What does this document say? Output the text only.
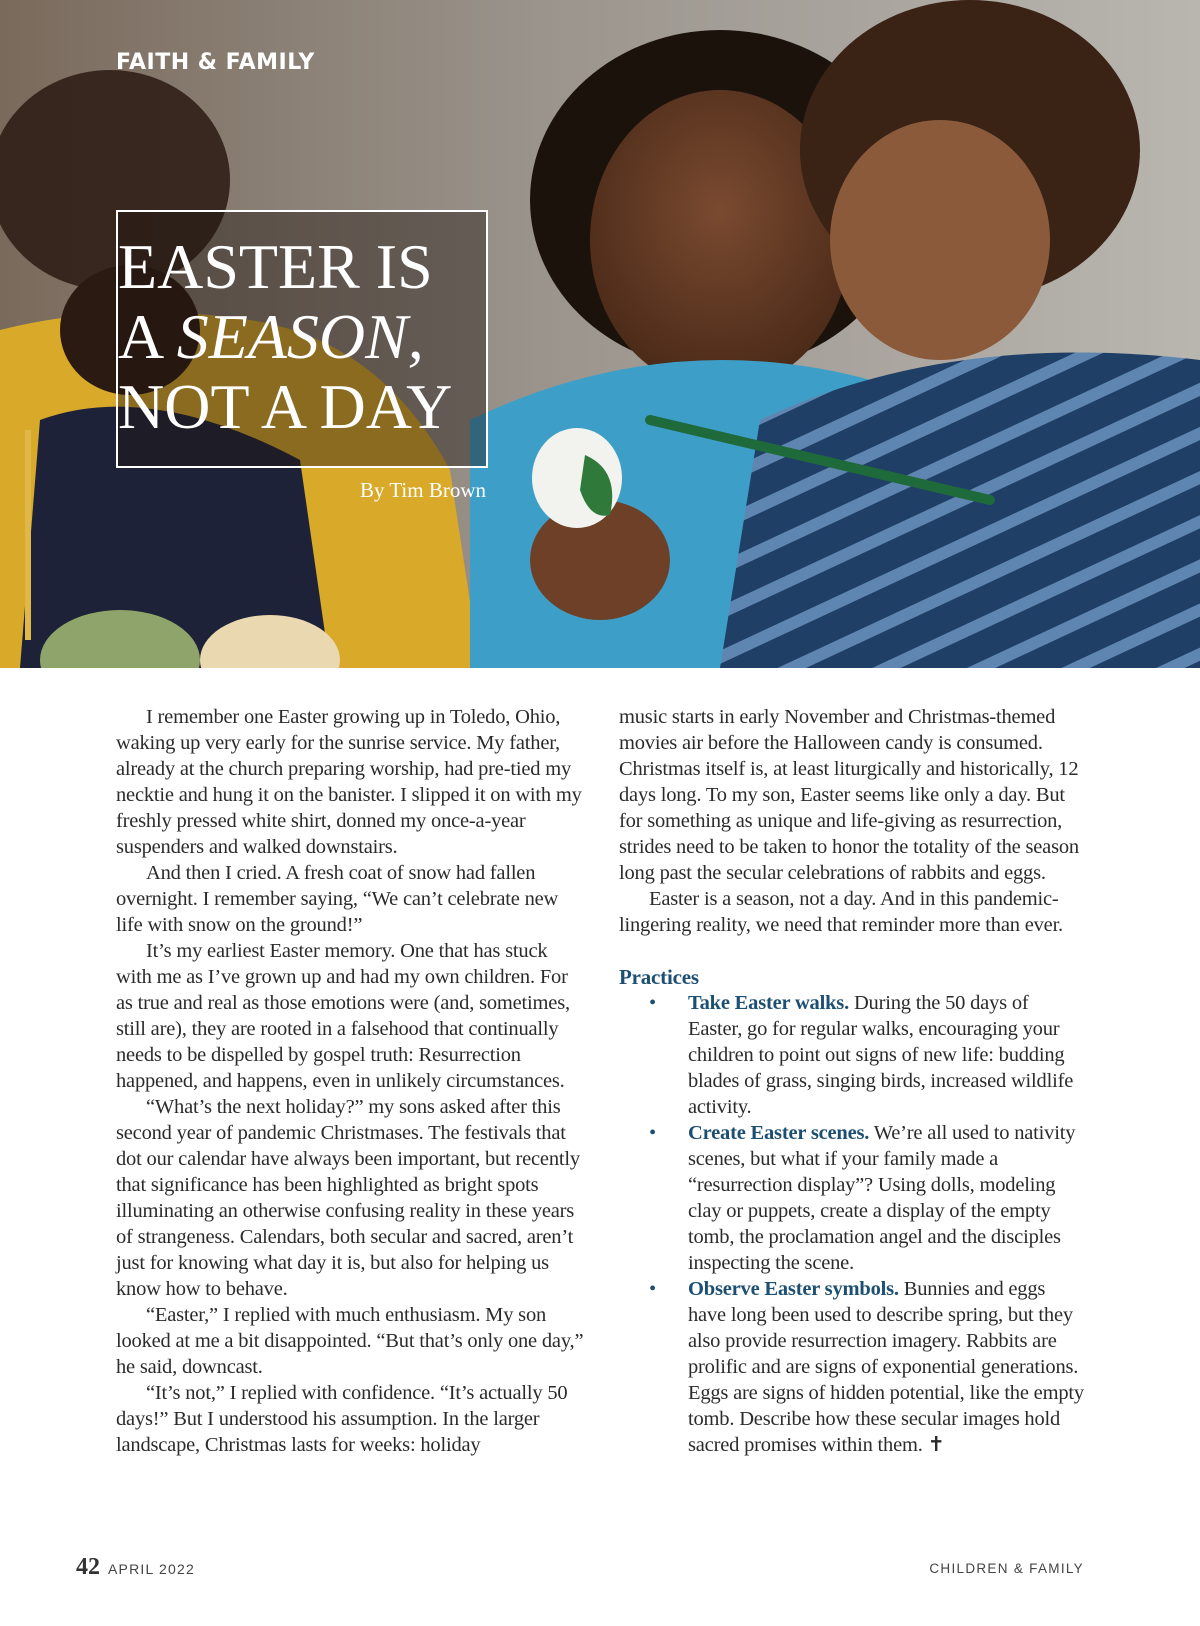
FAITH & FAMILY
EASTER IS
A SEASON,
NOT A DAY

By Tim Brown

I remember one Easter growing up in Toledo, Ohio, waking up very early for the sunrise service. My father, already at the church preparing worship, had pre-tied my necktie and hung it on the banister. I slipped it on with my freshly pressed white shirt, donned my once-a-year suspenders and walked downstairs.

And then I cried. A fresh coat of snow had fallen overnight. I remember saying, “We can’t celebrate new life with snow on the ground!”

It’s my earliest Easter memory. One that has stuck with me as I’ve grown up and had my own children. For as true and real as those emotions were (and, sometimes, still are), they are rooted in a falsehood that continually needs to be dispelled by gospel truth: Resurrection happened, and happens, even in unlikely circumstances.

“What’s the next holiday?” my sons asked after this second year of pandemic Christmases. The festivals that dot our calendar have always been important, but recently that significance has been highlighted as bright spots illuminating an otherwise confusing reality in these years of strangeness. Calendars, both secular and sacred, aren’t just for knowing what day it is, but also for helping us know how to behave.

“Easter,” I replied with much enthusiasm. My son looked at me a bit disappointed. “But that’s only one day,” he said, downcast.

“It’s not,” I replied with confidence. “It’s actually 50 days!” But I understood his assumption. In the larger landscape, Christmas lasts for weeks: holiday

music starts in early November and Christmas-themed movies air before the Halloween candy is consumed. Christmas itself is, at least liturgically and historically, 12 days long. To my son, Easter seems like only a day. But for something as unique and life-giving as resurrection, strides need to be taken to honor the totality of the season long past the secular celebrations of rabbits and eggs.

Easter is a season, not a day. And in this pandemic-lingering reality, we need that reminder more than ever.

Practices
• Take Easter walks. During the 50 days of Easter, go for regular walks, encouraging your children to point out signs of new life: budding blades of grass, singing birds, increased wildlife activity.
• Create Easter scenes. We’re all used to nativity scenes, but what if your family made a “resurrection display”? Using dolls, modeling clay or puppets, create a display of the empty tomb, the proclamation angel and the disciples inspecting the scene.
• Observe Easter symbols. Bunnies and eggs have long been used to describe spring, but they also provide resurrection imagery. Rabbits are prolific and are signs of exponential generations. Eggs are signs of hidden potential, like the empty tomb. Describe how these secular images hold sacred promises within them. ✝

42 APRIL 2022	CHILDREN & FAMILY
